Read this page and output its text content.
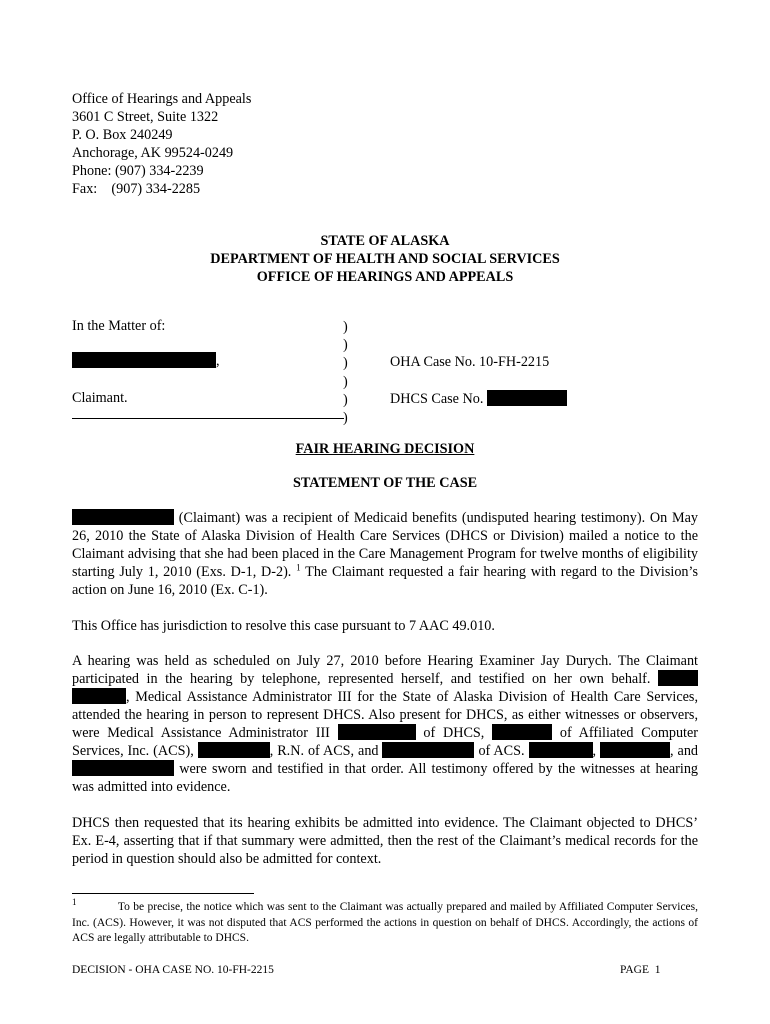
Office of Hearings and Appeals
3601 C Street, Suite 1322
P. O. Box 240249
Anchorage, AK 99524-0249
Phone: (907) 334-2239
Fax:    (907) 334-2285
STATE OF ALASKA
DEPARTMENT OF HEALTH AND SOCIAL SERVICES
OFFICE OF HEARINGS AND APPEALS
In the Matter of:
,
Claimant.
)
)
)
)
)
)
OHA Case No. 10-FH-2215
DHCS Case No.
FAIR HEARING DECISION
STATEMENT OF THE CASE
(Claimant) was a recipient of Medicaid benefits (undisputed hearing testimony). On May 26, 2010 the State of Alaska Division of Health Care Services (DHCS or Division) mailed a notice to the Claimant advising that she had been placed in the Care Management Program for twelve months of eligibility starting July 1, 2010 (Exs. D-1, D-2). $^1$ The Claimant requested a fair hearing with regard to the Division’s action on June 16, 2010 (Ex. C-1).
This Office has jurisdiction to resolve this case pursuant to 7 AAC 49.010.
A hearing was held as scheduled on July 27, 2010 before Hearing Examiner Jay Durych. The Claimant participated in the hearing by telephone, represented herself, and testified on her own behalf.  , Medical Assistance Administrator III for the State of Alaska Division of Health Care Services, attended the hearing in person to represent DHCS. Also present for DHCS, as either witnesses or observers, were Medical Assistance Administrator III	of DHCS,	of Affiliated Computer Services, Inc. (ACS),	, R.N. of ACS, and	of ACS.	,	, and  were sworn and testified in that order. All testimony offered by the witnesses at hearing was admitted into evidence.
DHCS then requested that its hearing exhibits be admitted into evidence. The Claimant objected to DHCS’ Ex. E-4, asserting that if that summary were admitted, then the rest of the Claimant’s medical records for the period in question should also be admitted for context.
$^1$	To be precise, the notice which was sent to the Claimant was actually prepared and mailed by Affiliated Computer Services, Inc. (ACS). However, it was not disputed that ACS performed the actions in question on behalf of DHCS. Accordingly, the actions of ACS are legally attributable to DHCS.
DECISION - OHA CASE NO. 10-FH-2215	PAGE  1
